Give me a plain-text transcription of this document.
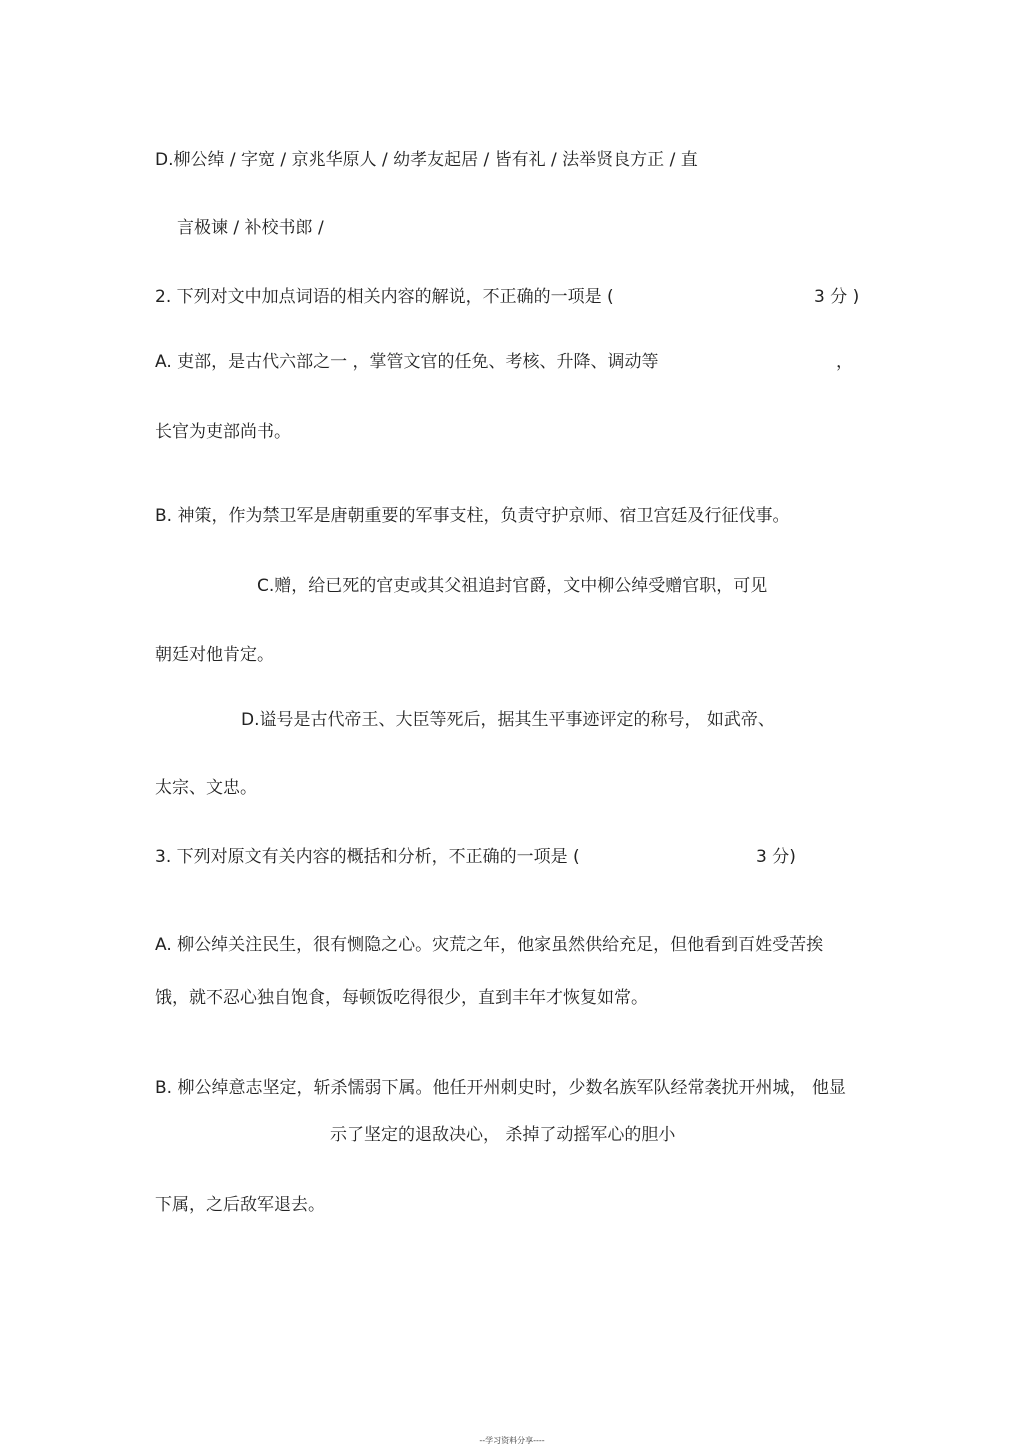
D.柳公绰 / 字宽 / 京兆华原人 / 幼孝友起居 / 皆有礼 / 法举贤良方正 / 直
言极谏 / 补校书郎 /
2. 下列对文中加点词语的相关内容的解说，不正确的一项是 (	3 分 )
A. 吏部，是古代六部之一 ，掌管文官的任免、考核、升降、调动等	，
长官为吏部尚书。
B. 神策，作为禁卫军是唐朝重要的军事支柱，负责守护京师、宿卫宫廷及行征伐事。
C.赠，给已死的官吏或其父祖追封官爵，文中柳公绰受赠官职，可见
朝廷对他肯定。
D.谥号是古代帝王、大臣等死后，据其生平事迹评定的称号， 如武帝、
太宗、文忠。
3. 下列对原文有关内容的概括和分析，不正确的一项是 (	3 分)
A. 柳公绰关注民生，很有恻隐之心。灾荒之年，他家虽然供给充足，但他看到百姓受苦挨
饿，就不忍心独自饱食，每顿饭吃得很少，直到丰年才恢复如常。
B. 柳公绰意志坚定，斩杀懦弱下属。他任开州刺史时，少数名族军队经常袭扰开州城， 他显
示了坚定的退敌决心， 杀掉了动摇军心的胆小
下属，之后敌军退去。
--学习资料分享----
